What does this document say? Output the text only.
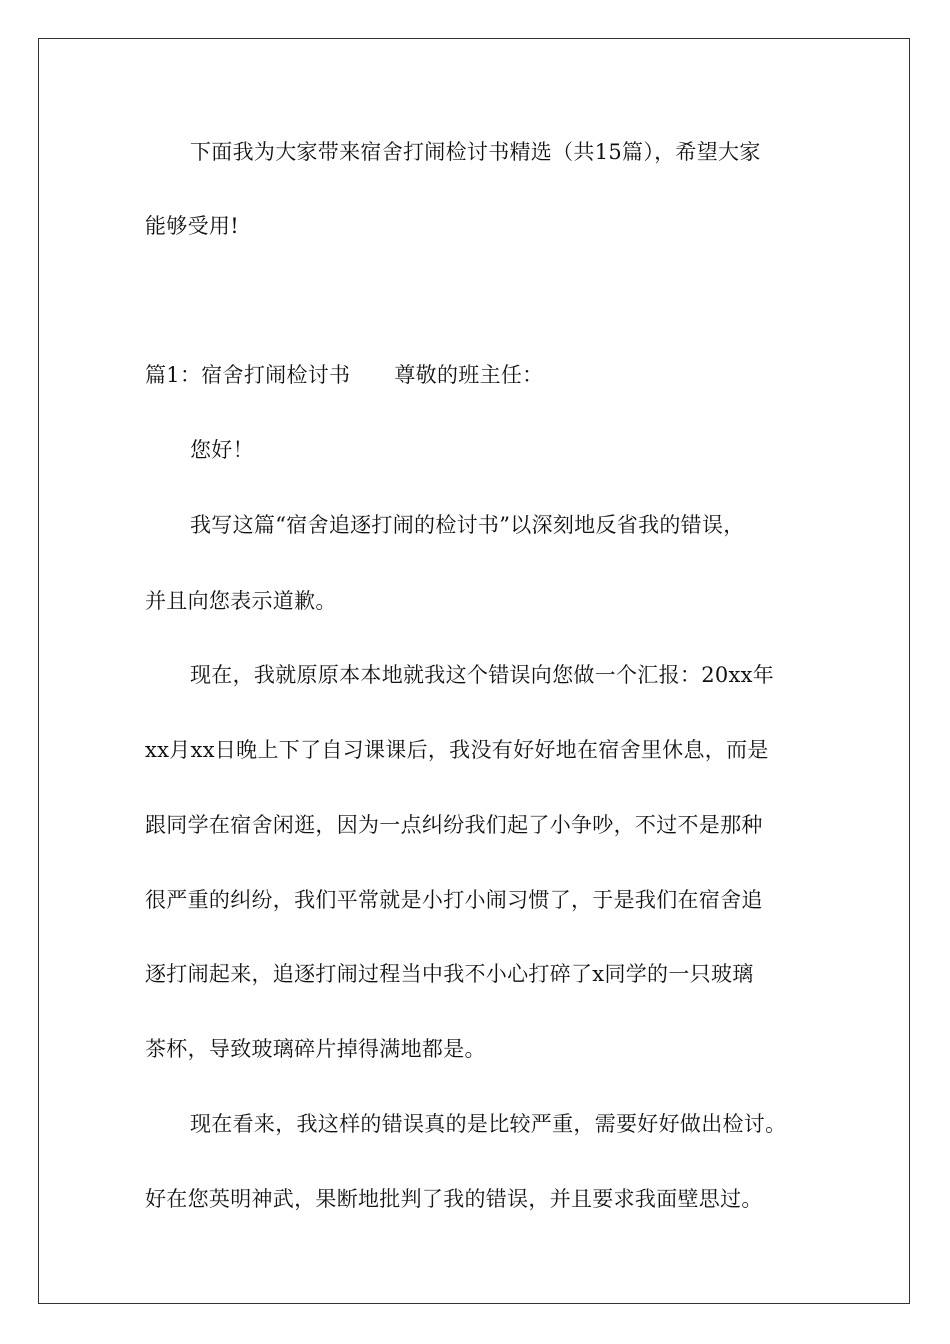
下面我为大家带来宿舍打闹检讨书精选（共15篇），希望大家
能够受用!
篇1：宿舍打闹检讨书 尊敬的班主任：
您好！
我写这篇“宿舍追逐打闹的检讨书”以深刻地反省我的错误，
并且向您表示道歉。
现在，我就原原本本地就我这个错误向您做一个汇报：20xx年
xx月xx日晚上下了自习课课后，我没有好好地在宿舍里休息，而是
跟同学在宿舍闲逛，因为一点纠纷我们起了小争吵，不过不是那种
很严重的纠纷，我们平常就是小打小闹习惯了，于是我们在宿舍追
逐打闹起来，追逐打闹过程当中我不小心打碎了x同学的一只玻璃
茶杯，导致玻璃碎片掉得满地都是。
现在看来，我这样的错误真的是比较严重，需要好好做出检讨。
好在您英明神武，果断地批判了我的错误，并且要求我面壁思过。
